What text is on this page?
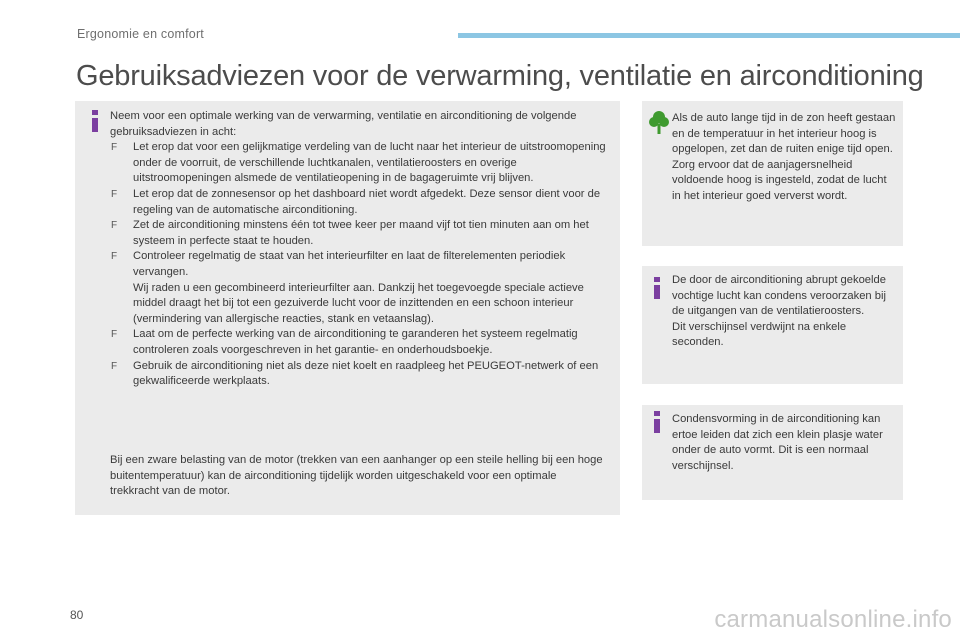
Ergonomie en comfort
Gebruiksadviezen voor de verwarming, ventilatie en airconditioning

Neem voor een optimale werking van de verwarming, ventilatie en airconditioning de volgende gebruiksadviezen in acht:

F Let erop dat voor een gelijkmatige verdeling van de lucht naar het interieur de uitstroomopening onder de voorruit, de verschillende luchtkanalen, ventilatieroosters en overige uitstroomopeningen alsmede de ventilatieopening in de bagageruimte vrij blijven.
F Let erop dat de zonnesensor op het dashboard niet wordt afgedekt. Deze sensor dient voor de regeling van de automatische airconditioning.
F Zet de airconditioning minstens één tot twee keer per maand vijf tot tien minuten aan om het systeem in perfecte staat te houden.
F Controleer regelmatig de staat van het interieurfilter en laat de filterelementen periodiek vervangen.
Wij raden u een gecombineerd interieurfilter aan. Dankzij het toegevoegde speciale actieve middel draagt het bij tot een gezuiverde lucht voor de inzittenden en een schoon interieur (vermindering van allergische reacties, stank en vetaanslag).
F Laat om de perfecte werking van de airconditioning te garanderen het systeem regelmatig controleren zoals voorgeschreven in het garantie- en onderhoudsboekje.
F Gebruik de airconditioning niet als deze niet koelt en raadpleeg het PEUGEOT-netwerk of een gekwalificeerde werkplaats.

Bij een zware belasting van de motor (trekken van een aanhanger op een steile helling bij een hoge buitentemperatuur) kan de airconditioning tijdelijk worden uitgeschakeld voor een optimale trekkracht van de motor.

Als de auto lange tijd in de zon heeft gestaan en de temperatuur in het interieur hoog is opgelopen, zet dan de ruiten enige tijd open.

Zorg ervoor dat de aanjagersnelheid voldoende hoog is ingesteld, zodat de lucht in het interieur goed ververst wordt.

De door de airconditioning abrupt gekoelde vochtige lucht kan condens veroorzaken bij de uitgangen van de ventilatieroosters.

Dit verschijnsel verdwijnt na enkele seconden.

Condensvorming in de airconditioning kan ertoe leiden dat zich een klein plasje water onder de auto vormt. Dit is een normaal verschijnsel.

80	carmanualsonline.info
